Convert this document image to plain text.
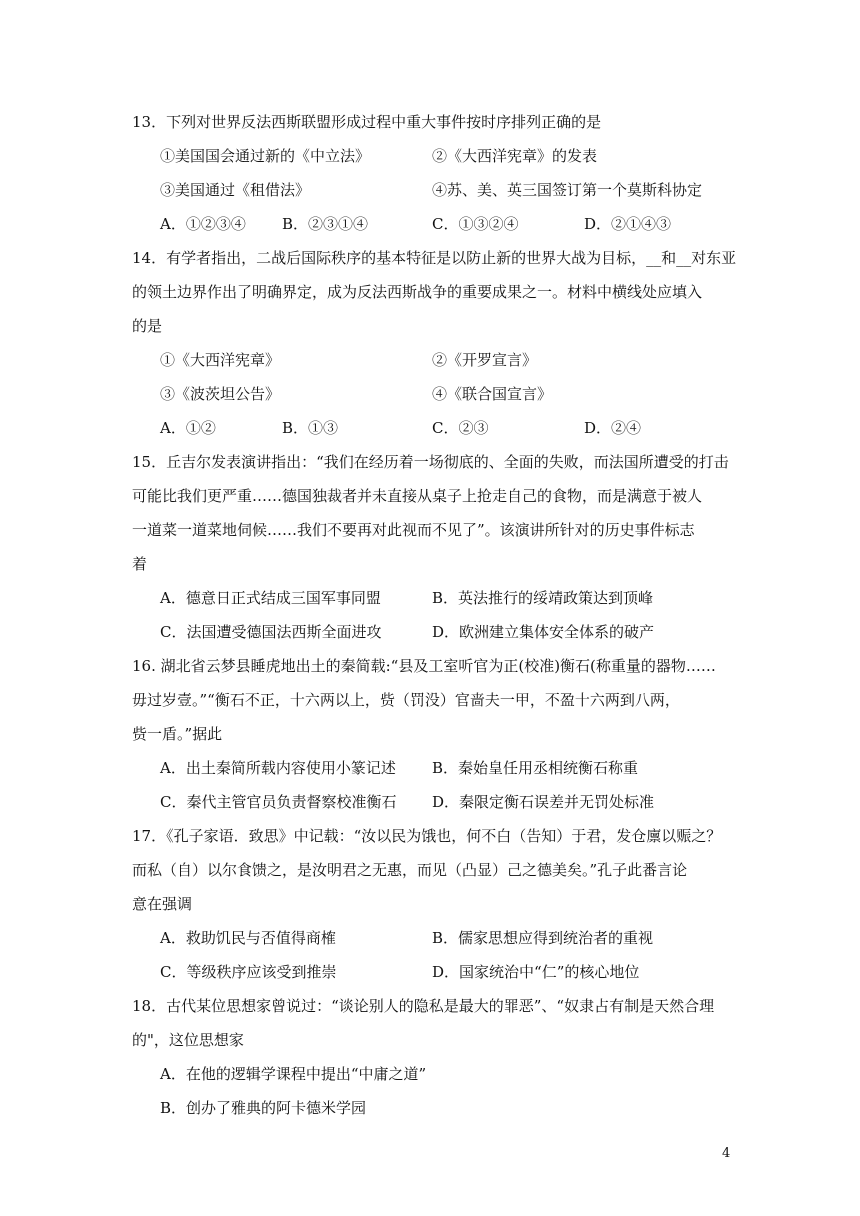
13．下列对世界反法西斯联盟形成过程中重大事件按时序排列正确的是
①美国国会通过新的《中立法》	②《大西洋宪章》的发表
③美国通过《租借法》	④苏、美、英三国签订第一个莫斯科协定
A．①②③④ B．②③①④	C．①③②④	D．②①④③
14．有学者指出，二战后国际秩序的基本特征是以防止新的世界大战为目标，__和__对东亚
的领土边界作出了明确界定，成为反法西斯战争的重要成果之一。材料中横线处应填入
的是
①《大西洋宪章》	②《开罗宣言》
③《波茨坦公告》	④《联合国宣言》
A．①②	B．①③	C．②③	D．②④
15．丘吉尔发表演讲指出：“我们在经历着一场彻底的、全面的失败，而法国所遭受的打击
可能比我们更严重……德国独裁者并未直接从桌子上抢走自己的食物，而是满意于被人
一道菜一道菜地伺候……我们不要再对此视而不见了”。该演讲所针对的历史事件标志
着
A．德意日正式结成三国军事同盟	B．英法推行的绥靖政策达到顶峰
C．法国遭受德国法西斯全面进攻	D．欧洲建立集体安全体系的破产
16. 湖北省云梦县睡虎地出土的秦简载:“县及工室听官为正(校准)衡石(称重量的器物……
毋过岁壹。”“衡石不正，十六两以上，赀（罚没）官啬夫一甲，不盈十六两到八两，
赀一盾。”据此
A．出土秦简所载内容使用小篆记述 B．秦始皇任用丞相统衡石称重
C．秦代主管官员负责督察校准衡石 D．秦限定衡石误差并无罚处标准
17．《孔子家语．致思》中记载：“汝以民为饿也，何不白（告知）于君，发仓廪以赈之？
而私（自）以尔食馈之，是汝明君之无惠，而见（凸显）己之德美矣。”孔子此番言论
意在强调
A．救助饥民与否值得商榷	B．儒家思想应得到统治者的重视
C．等级秩序应该受到推崇	D．国家统治中“仁”的核心地位
18．古代某位思想家曾说过：“谈论别人的隐私是最大的罪恶”、“奴隶占有制是天然合理
的"，这位思想家
A．在他的逻辑学课程中提出“中庸之道”
B．创办了雅典的阿卡德米学园
4
